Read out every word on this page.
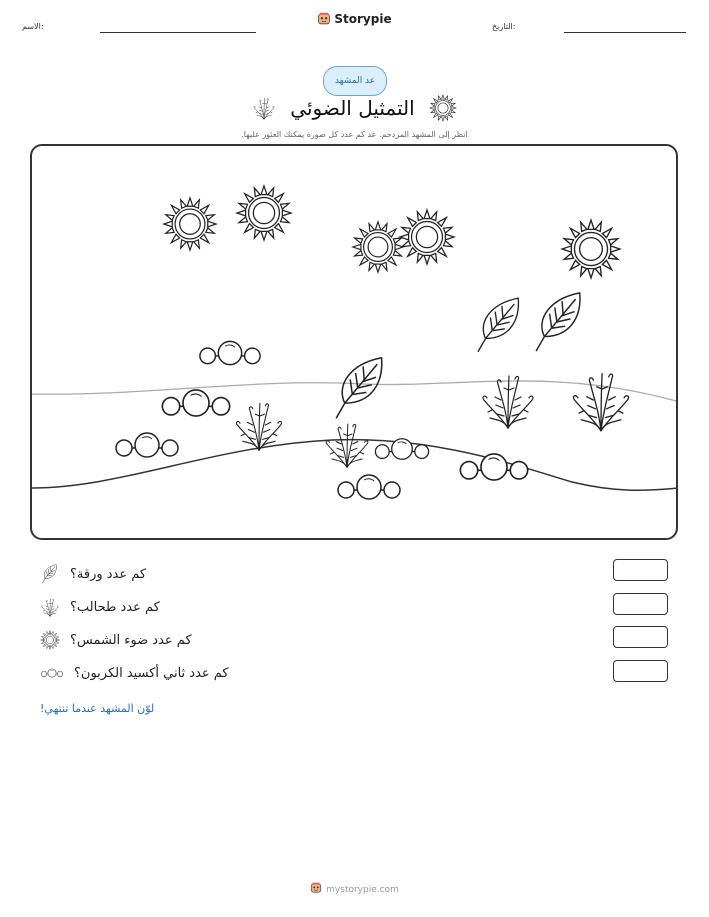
الاسم:
Storypie
التاريخ:
عد المشهد
التمثيل الضوئي
انظر إلى المشهد المزدحم. عد كم عدد كل صورة يمكنك العثور عليها.
كم عدد ورقة؟
كم عدد طحالب؟
كم عدد ضوء الشمس؟
كم عدد ثاني أكسيد الكربون؟
لوّن المشهد عندما تنتهي!
mystorypie.com
